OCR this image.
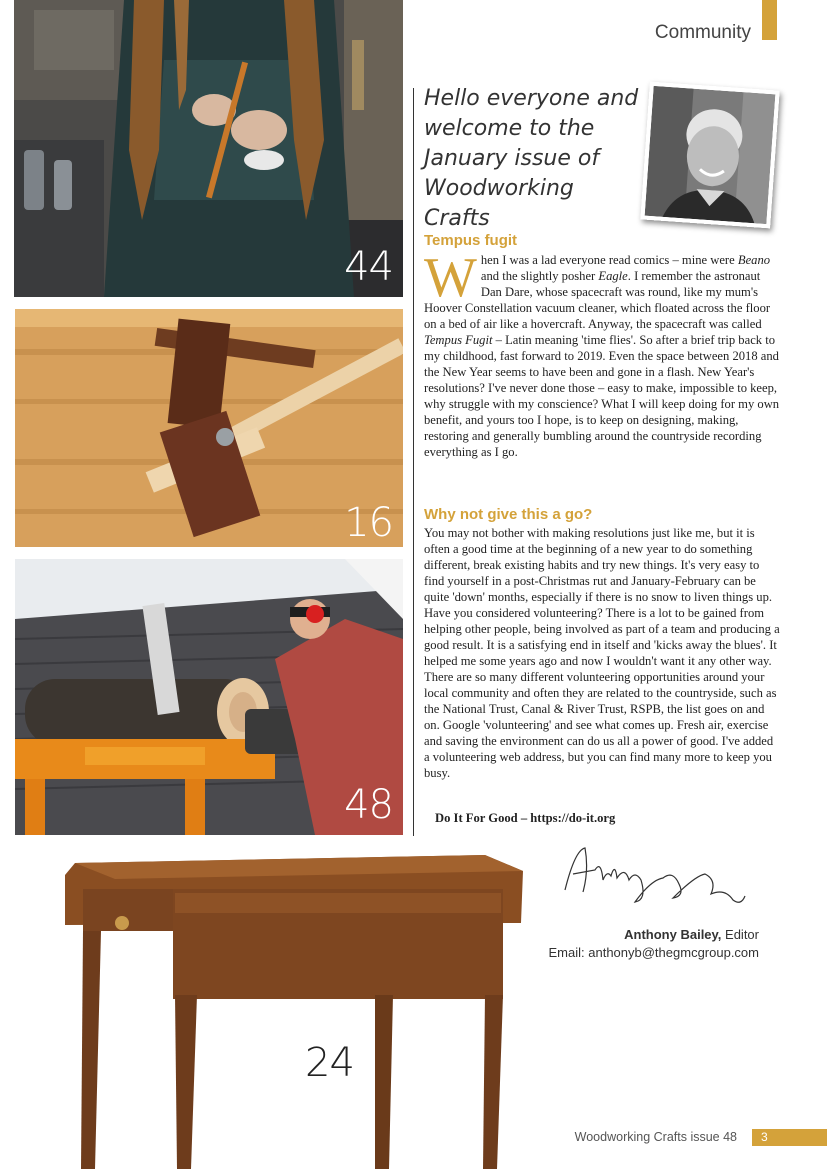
Community
44
16
48
Hello everyone and
welcome to the
January issue of
Woodworking Crafts
Tempus fugit

When I was a lad everyone read comics – mine were Beano and the slightly posher Eagle. I remember the astronaut Dan Dare, whose spacecraft was round, like my mum's Hoover Constellation vacuum cleaner, which floated across the floor on a bed of air like a hovercraft. Anyway, the spacecraft was called Tempus Fugit – Latin meaning 'time flies'. So after a brief trip back to my childhood, fast forward to 2019. Even the space between 2018 and the New Year seems to have been and gone in a flash. New Year's resolutions? I've never done those – easy to make, impossible to keep, why struggle with my conscience? What I will keep doing for my own benefit, and yours too I hope, is to keep on designing, making, restoring and generally bumbling around the countryside recording everything as I go.

Why not give this a go?
You may not bother with making resolutions just like me, but it is often a good time at the beginning of a new year to do something different, break existing habits and try new things. It's very easy to find yourself in a post-Christmas rut and January-February can be quite 'down' months, especially if there is no snow to liven things up. Have you considered volunteering? There is a lot to be gained from helping other people, being involved as part of a team and producing a good result. It is a satisfying end in itself and 'kicks away the blues'. It helped me some years ago and now I wouldn't want it any other way. There are so many different volunteering opportunities around your local community and often they are related to the countryside, such as the National Trust, Canal & River Trust, RSPB, the list goes on and on. Google 'volunteering' and see what comes up. Fresh air, exercise and saving the environment can do us all a power of good. I've added a volunteering web address, but you can find many more to keep you busy.
Do It For Good – https://do-it.org
Anthony Bailey, Editor
Email: anthonyb@thegmcgroup.com
24
Woodworking Crafts issue 48	3
